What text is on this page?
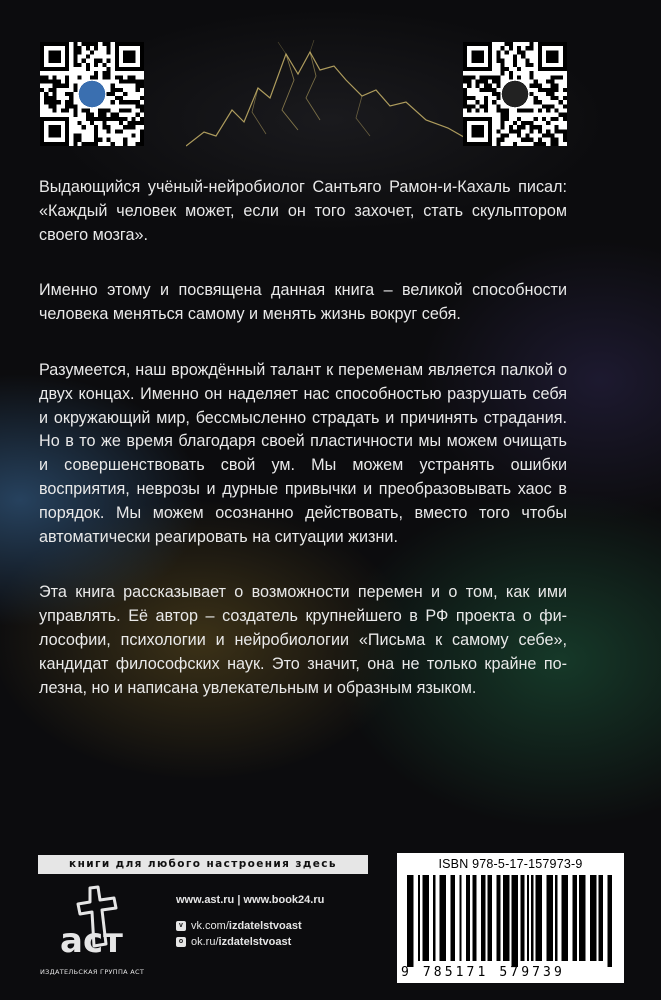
Выдающийся учёный-нейробиолог Сантьяго Рамон-и-Кахаль писал: «Каждый человек может, если он того захочет, стать скульптором своего мозга».

Именно этому и посвящена данная книга – великой способности человека меняться самому и менять жизнь вокруг себя.

Разумеется, наш врождённый талант к переменам является палкой о двух концах. Именно он наделяет нас способностью разрушать себя и окружающий мир, бессмысленно страдать и причинять страдания. Но в то же время благодаря своей пластичности мы можем очищать и совершенствовать свой ум. Мы можем устранять ошибки восприятия, неврозы и дурные привычки и преобразовывать хаос в порядок. Мы можем осознанно действовать, вместо того чтобы автоматически реагировать на ситуации жизни.

Эта книга рассказывает о возможности перемен и о том, как ими управлять. Её автор – создатель крупнейшего в РФ проекта о философии, психологии и нейробиологии «Письма к самому себе», кандидат философских наук. Это значит, она не только крайне полезна, но и написана увлекательным и образным языком.

книги для любого настроения здесь
аст
ИЗДАТЕЛЬСКАЯ ГРУППА АСТ
www.ast.ru | www.book24.ru
v vk.com/ izdatelstvoast
o ok.ru/ izdatelstvoast
ISBN 978-5-17-157973-9
9 785171 579739
